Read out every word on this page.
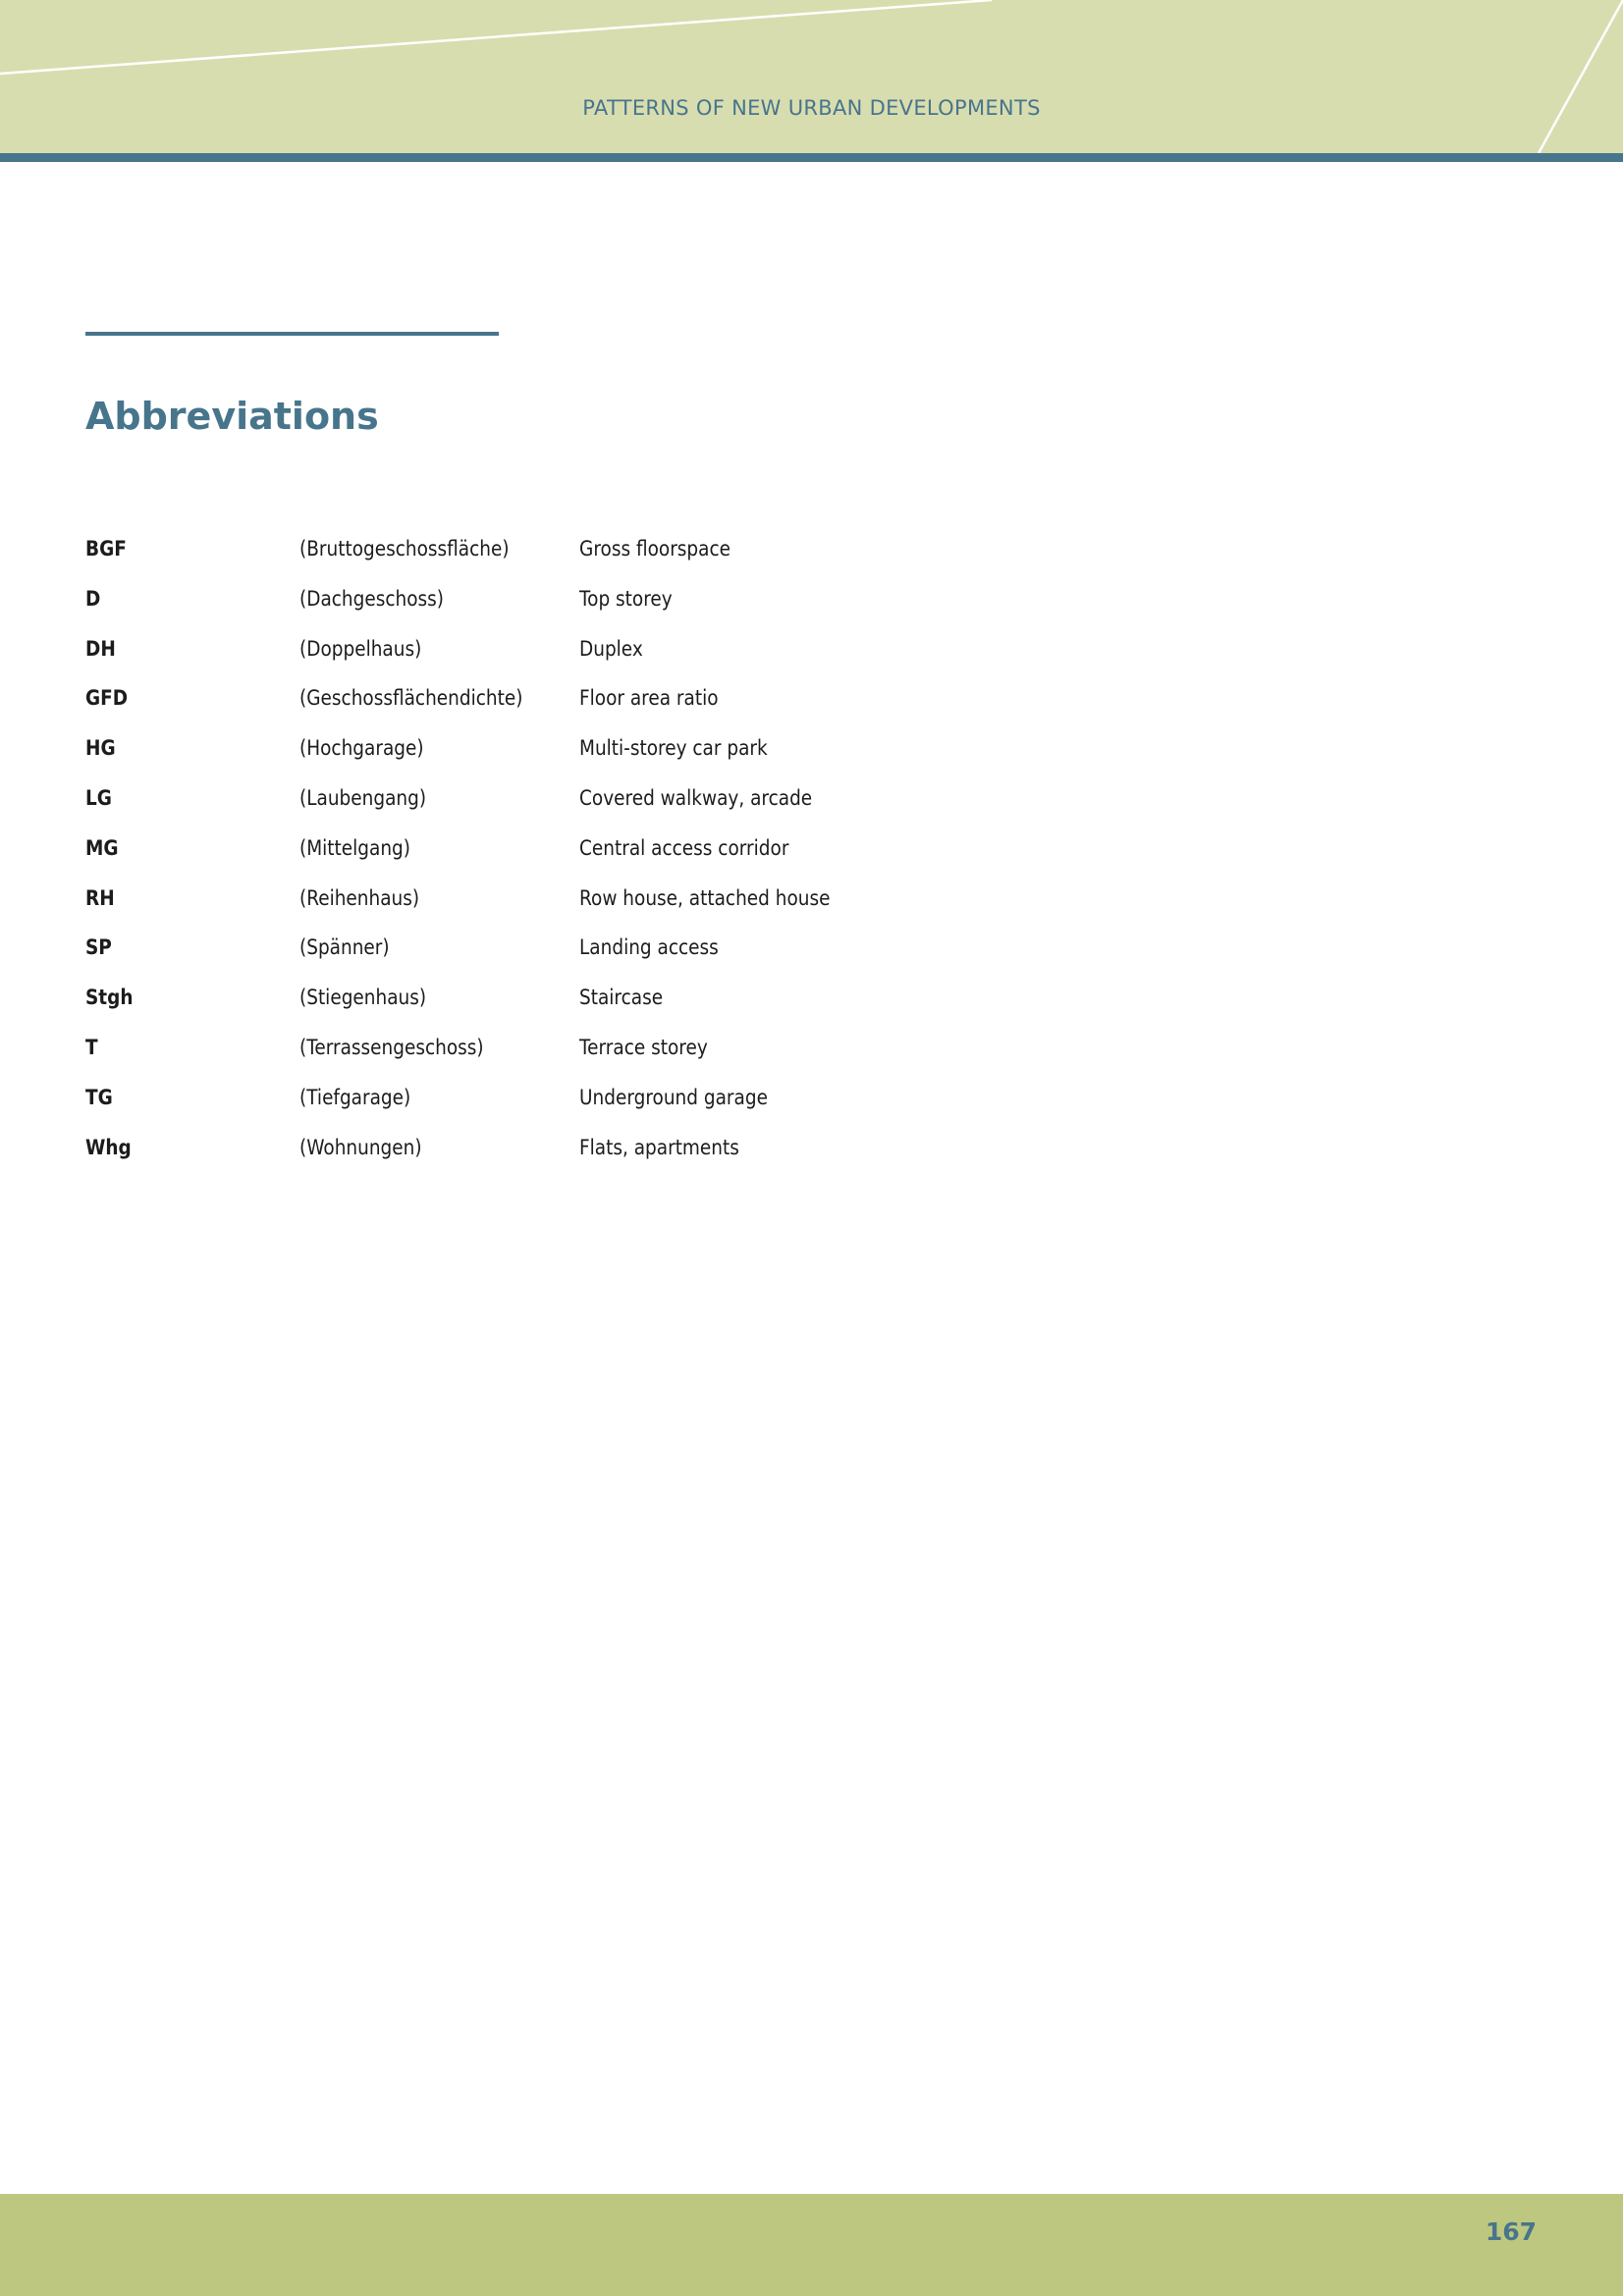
PATTERNS OF NEW URBAN DEVELOPMENTS
Abbreviations
BGF	(Bruttogeschossfläche)	Gross floorspace
D	(Dachgeschoss)	Top storey
DH	(Doppelhaus)	Duplex
GFD	(Geschossflächendichte)	Floor area ratio
HG	(Hochgarage)	Multi-storey car park
LG	(Laubengang)	Covered walkway, arcade
MG	(Mittelgang)	Central access corridor
RH	(Reihenhaus)	Row house, attached house
SP	(Spänner)	Landing access
Stgh	(Stiegenhaus)	Staircase
T	(Terrassengeschoss)	Terrace storey
TG	(Tiefgarage)	Underground garage
Whg	(Wohnungen)	Flats, apartments
167
